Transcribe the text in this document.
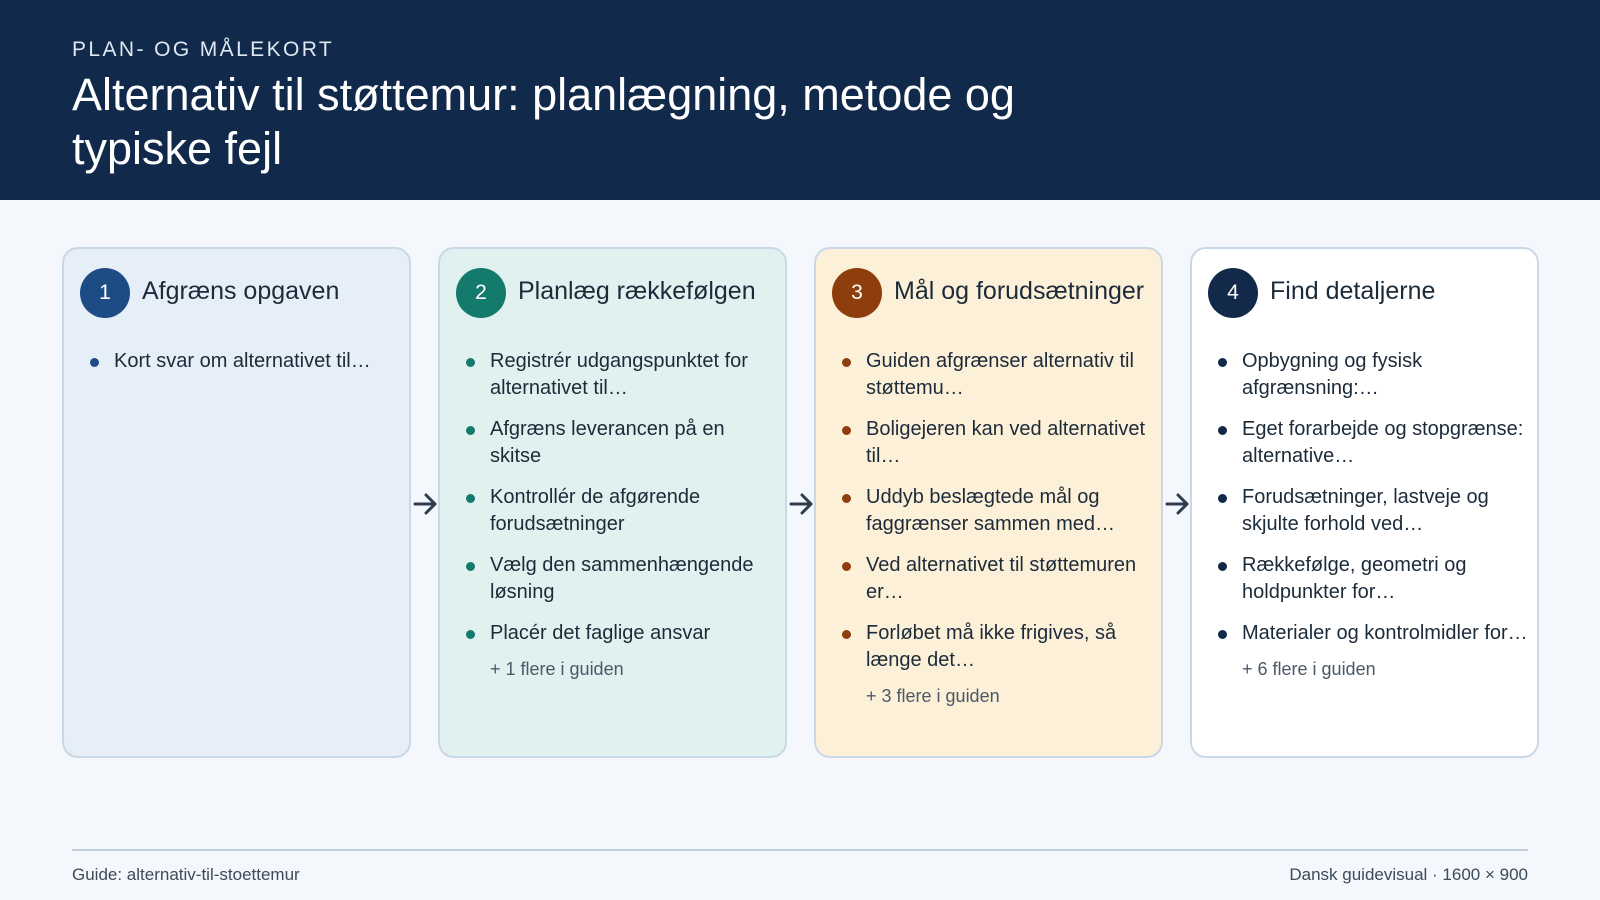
PLAN- OG MÅLEKORT
Alternativ til støttemur: planlægning, metode og typiske fejl
1	Afgræns opgaven
Kort svar om alternativet til…
2	Planlæg rækkefølgen
Registrér udgangspunktet for alternativet til…
Afgræns leverancen på en skitse
Kontrollér de afgørende forudsætninger
Vælg den sammenhængende løsning
Placér det faglige ansvar
+ 1 flere i guiden
3	Mål og forudsætninger
Guiden afgrænser alternativ til støttemu…
Boligejeren kan ved alternativet til…
Uddyb beslægtede mål og faggrænser sammen med…
Ved alternativet til støttemuren er…
Forløbet må ikke frigives, så længe det…
+ 3 flere i guiden
4	Find detaljerne
Opbygning og fysisk afgrænsning:…
Eget forarbejde og stopgrænse: alternative…
Forudsætninger, lastveje og skjulte forhold ved…
Rækkefølge, geometri og holdpunkter for…
Materialer og kontrolmidler for…
+ 6 flere i guiden
Guide: alternativ-til-stoettemur	Dansk guidevisual · 1600 × 900
